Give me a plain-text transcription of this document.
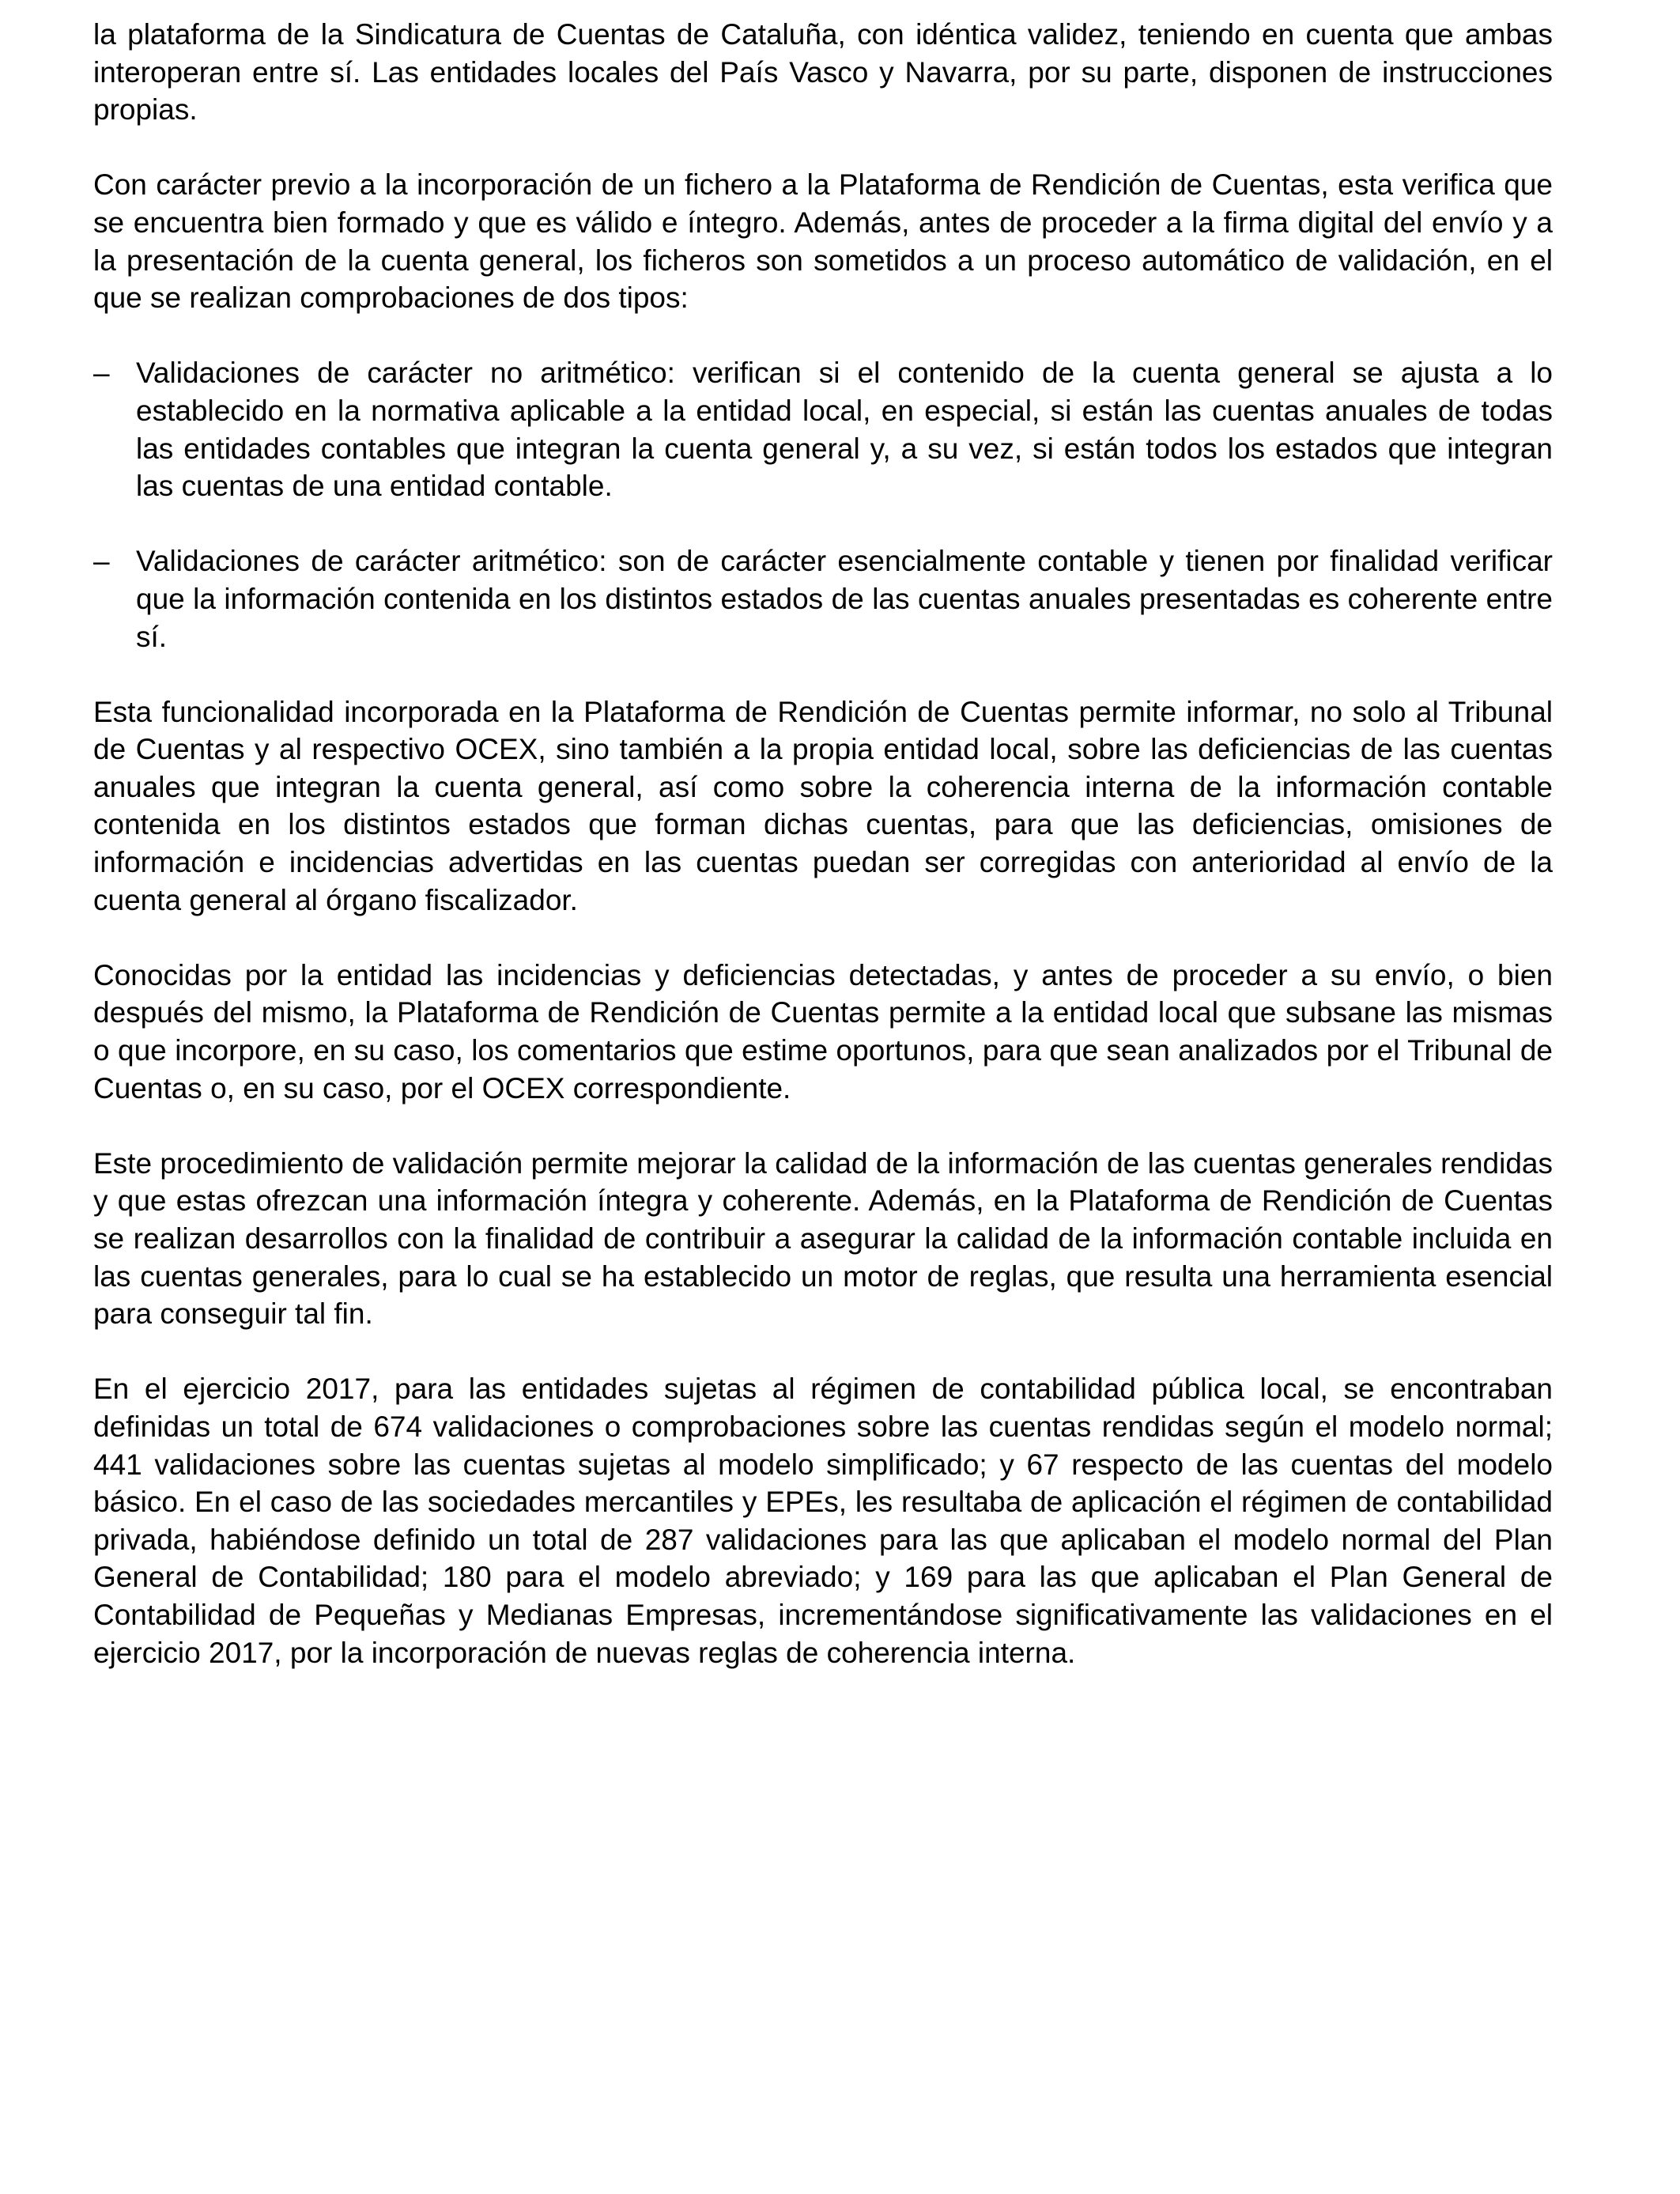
la plataforma de la Sindicatura de Cuentas de Cataluña, con idéntica validez, teniendo en cuenta que ambas interoperan entre sí. Las entidades locales del País Vasco y Navarra, por su parte, disponen de instrucciones propias.

Con carácter previo a la incorporación de un fichero a la Plataforma de Rendición de Cuentas, esta verifica que se encuentra bien formado y que es válido e íntegro. Además, antes de proceder a la firma digital del envío y a la presentación de la cuenta general, los ficheros son sometidos a un proceso automático de validación, en el que se realizan comprobaciones de dos tipos:

– Validaciones de carácter no aritmético: verifican si el contenido de la cuenta general se ajusta a lo establecido en la normativa aplicable a la entidad local, en especial, si están las cuentas anuales de todas las entidades contables que integran la cuenta general y, a su vez, si están todos los estados que integran las cuentas de una entidad contable.
– Validaciones de carácter aritmético: son de carácter esencialmente contable y tienen por finalidad verificar que la información contenida en los distintos estados de las cuentas anuales presentadas es coherente entre sí.

Esta funcionalidad incorporada en la Plataforma de Rendición de Cuentas permite informar, no solo al Tribunal de Cuentas y al respectivo OCEX, sino también a la propia entidad local, sobre las deficiencias de las cuentas anuales que integran la cuenta general, así como sobre la coherencia interna de la información contable contenida en los distintos estados que forman dichas cuentas, para que las deficiencias, omisiones de información e incidencias advertidas en las cuentas puedan ser corregidas con anterioridad al envío de la cuenta general al órgano fiscalizador.

Conocidas por la entidad las incidencias y deficiencias detectadas, y antes de proceder a su envío, o bien después del mismo, la Plataforma de Rendición de Cuentas permite a la entidad local que subsane las mismas o que incorpore, en su caso, los comentarios que estime oportunos, para que sean analizados por el Tribunal de Cuentas o, en su caso, por el OCEX correspondiente.

Este procedimiento de validación permite mejorar la calidad de la información de las cuentas generales rendidas y que estas ofrezcan una información íntegra y coherente. Además, en la Plataforma de Rendición de Cuentas se realizan desarrollos con la finalidad de contribuir a asegurar la calidad de la información contable incluida en las cuentas generales, para lo cual se ha establecido un motor de reglas, que resulta una herramienta esencial para conseguir tal fin.

En el ejercicio 2017, para las entidades sujetas al régimen de contabilidad pública local, se encontraban definidas un total de 674 validaciones o comprobaciones sobre las cuentas rendidas según el modelo normal; 441 validaciones sobre las cuentas sujetas al modelo simplificado; y 67 respecto de las cuentas del modelo básico. En el caso de las sociedades mercantiles y EPEs, les resultaba de aplicación el régimen de contabilidad privada, habiéndose definido un total de 287 validaciones para las que aplicaban el modelo normal del Plan General de Contabilidad; 180 para el modelo abreviado; y 169 para las que aplicaban el Plan General de Contabilidad de Pequeñas y Medianas Empresas, incrementándose significativamente las validaciones en el ejercicio 2017, por la incorporación de nuevas reglas de coherencia interna.
